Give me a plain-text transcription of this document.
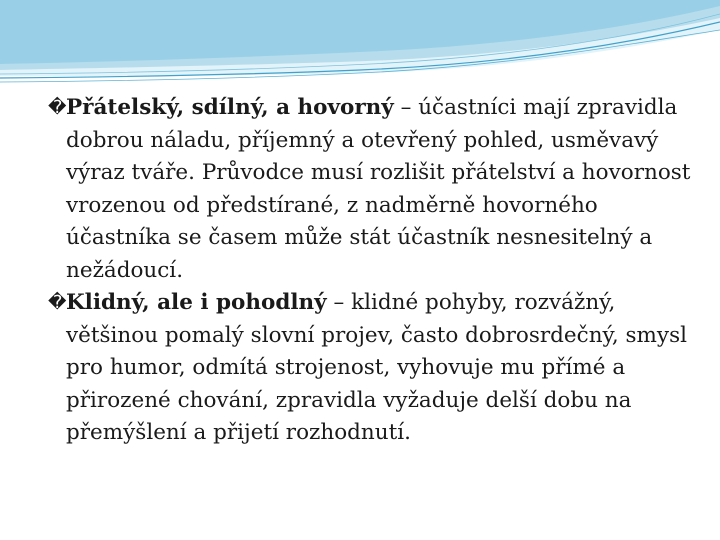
� Přátelský, sdílný, a hovorný – účastníci mají zpravidla dobrou náladu, příjemný a otevřený pohled, usměvavý výraz tváře. Průvodce musí rozlišit přátelství a hovornost vrozenou od předstírané, z nadměrně hovorného účastníka se časem může stát účastník nesnesitelný a nežádoucí.

� Klidný, ale i pohodlný – klidné pohyby, rozvážný, většinou pomalý slovní projev, často dobrosrdečný, smysl pro humor, odmítá strojenost, vyhovuje mu přímé a přirozené chování, zpravidla vyžaduje delší dobu na přemýšlení a přijetí rozhodnutí.
